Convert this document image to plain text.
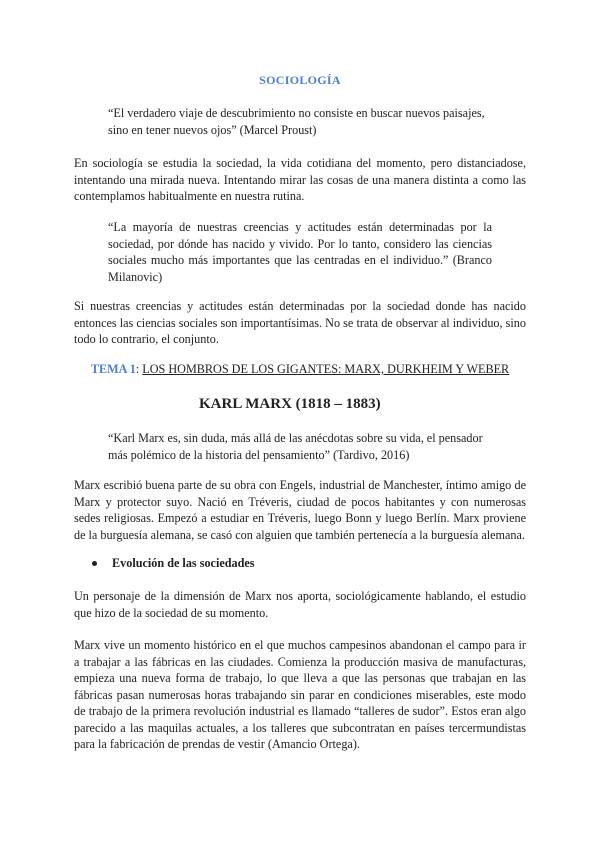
SOCIOLOGÍA
“El verdadero viaje de descubrimiento no consiste en buscar nuevos paisajes, sino en tener nuevos ojos” (Marcel Proust)
En sociología se estudia la sociedad, la vida cotidiana del momento, pero distanciadose, intentando una mirada nueva. Intentando mirar las cosas de una manera distinta a como las contemplamos habitualmente en nuestra rutina.
“La mayoría de nuestras creencias y actitudes están determinadas por la sociedad, por dónde has nacido y vivido. Por lo tanto, considero las ciencias sociales mucho más importantes que las centradas en el individuo.” (Branco Milanovic)
Si nuestras creencias y actitudes están determinadas por la sociedad donde has nacido entonces las ciencias sociales son importantísimas. No se trata de observar al individuo, sino todo lo contrario, el conjunto.
TEMA 1: LOS HOMBROS DE LOS GIGANTES: MARX, DURKHEIM Y WEBER
KARL MARX (1818 – 1883)
“Karl Marx es, sin duda, más allá de las anécdotas sobre su vida, el pensador más polémico de la historia del pensamiento” (Tardivo, 2016)
Marx escribió buena parte de su obra con Engels, industrial de Manchester, íntimo amigo de Marx y protector suyo. Nació en Tréveris, ciudad de pocos habitantes y con numerosas sedes religiosas. Empezó a estudiar en Tréveris, luego Bonn y luego Berlín. Marx proviene de la burguesía alemana, se casó con alguien que también pertenecía a la burguesía alemana.
Evolución de las sociedades
Un personaje de la dimensión de Marx nos aporta, sociológicamente hablando, el estudio que hizo de la sociedad de su momento.
Marx vive un momento histórico en el que muchos campesinos abandonan el campo para ir a trabajar a las fábricas en las ciudades. Comienza la producción masiva de manufacturas, empieza una nueva forma de trabajo, lo que lleva a que las personas que trabajan en las fábricas pasan numerosas horas trabajando sin parar en condiciones miserables, este modo de trabajo de la primera revolución industrial es llamado “talleres de sudor”. Estos eran algo parecido a las maquilas actuales, a los talleres que subcontratan en países tercermundistas para la fabricación de prendas de vestir (Amancio Ortega).
